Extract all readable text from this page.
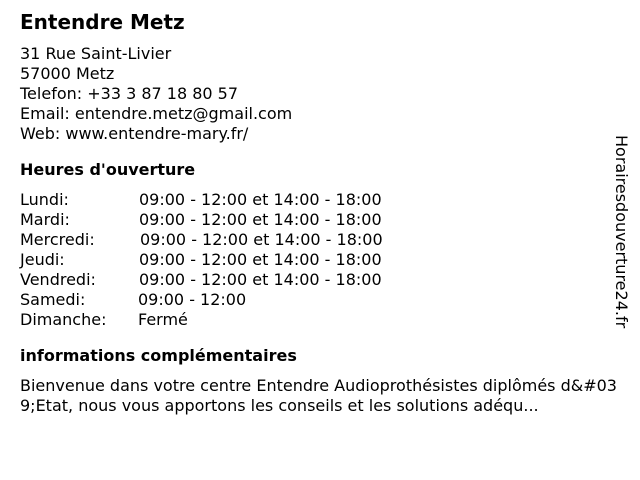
Entendre Metz
31 Rue Saint-Livier
57000 Metz
Telefon: +33 3 87 18 80 57
Email: entendre.metz@gmail.com
Web: www.entendre-mary.fr/
Heures d'ouverture
Lundi:	09:00 - 12:00 et 14:00 - 18:00
Mardi:	09:00 - 12:00 et 14:00 - 18:00
Mercredi:	09:00 - 12:00 et 14:00 - 18:00
Jeudi:	09:00 - 12:00 et 14:00 - 18:00
Vendredi:	09:00 - 12:00 et 14:00 - 18:00
Samedi:	09:00 - 12:00
Dimanche:	Fermé
informations complémentaires
Bienvenue dans votre centre Entendre Audioprothésistes diplômés d&#039;Etat, nous vous apportons les conseils et les solutions adéqu...
Horairesdouverture24.fr
